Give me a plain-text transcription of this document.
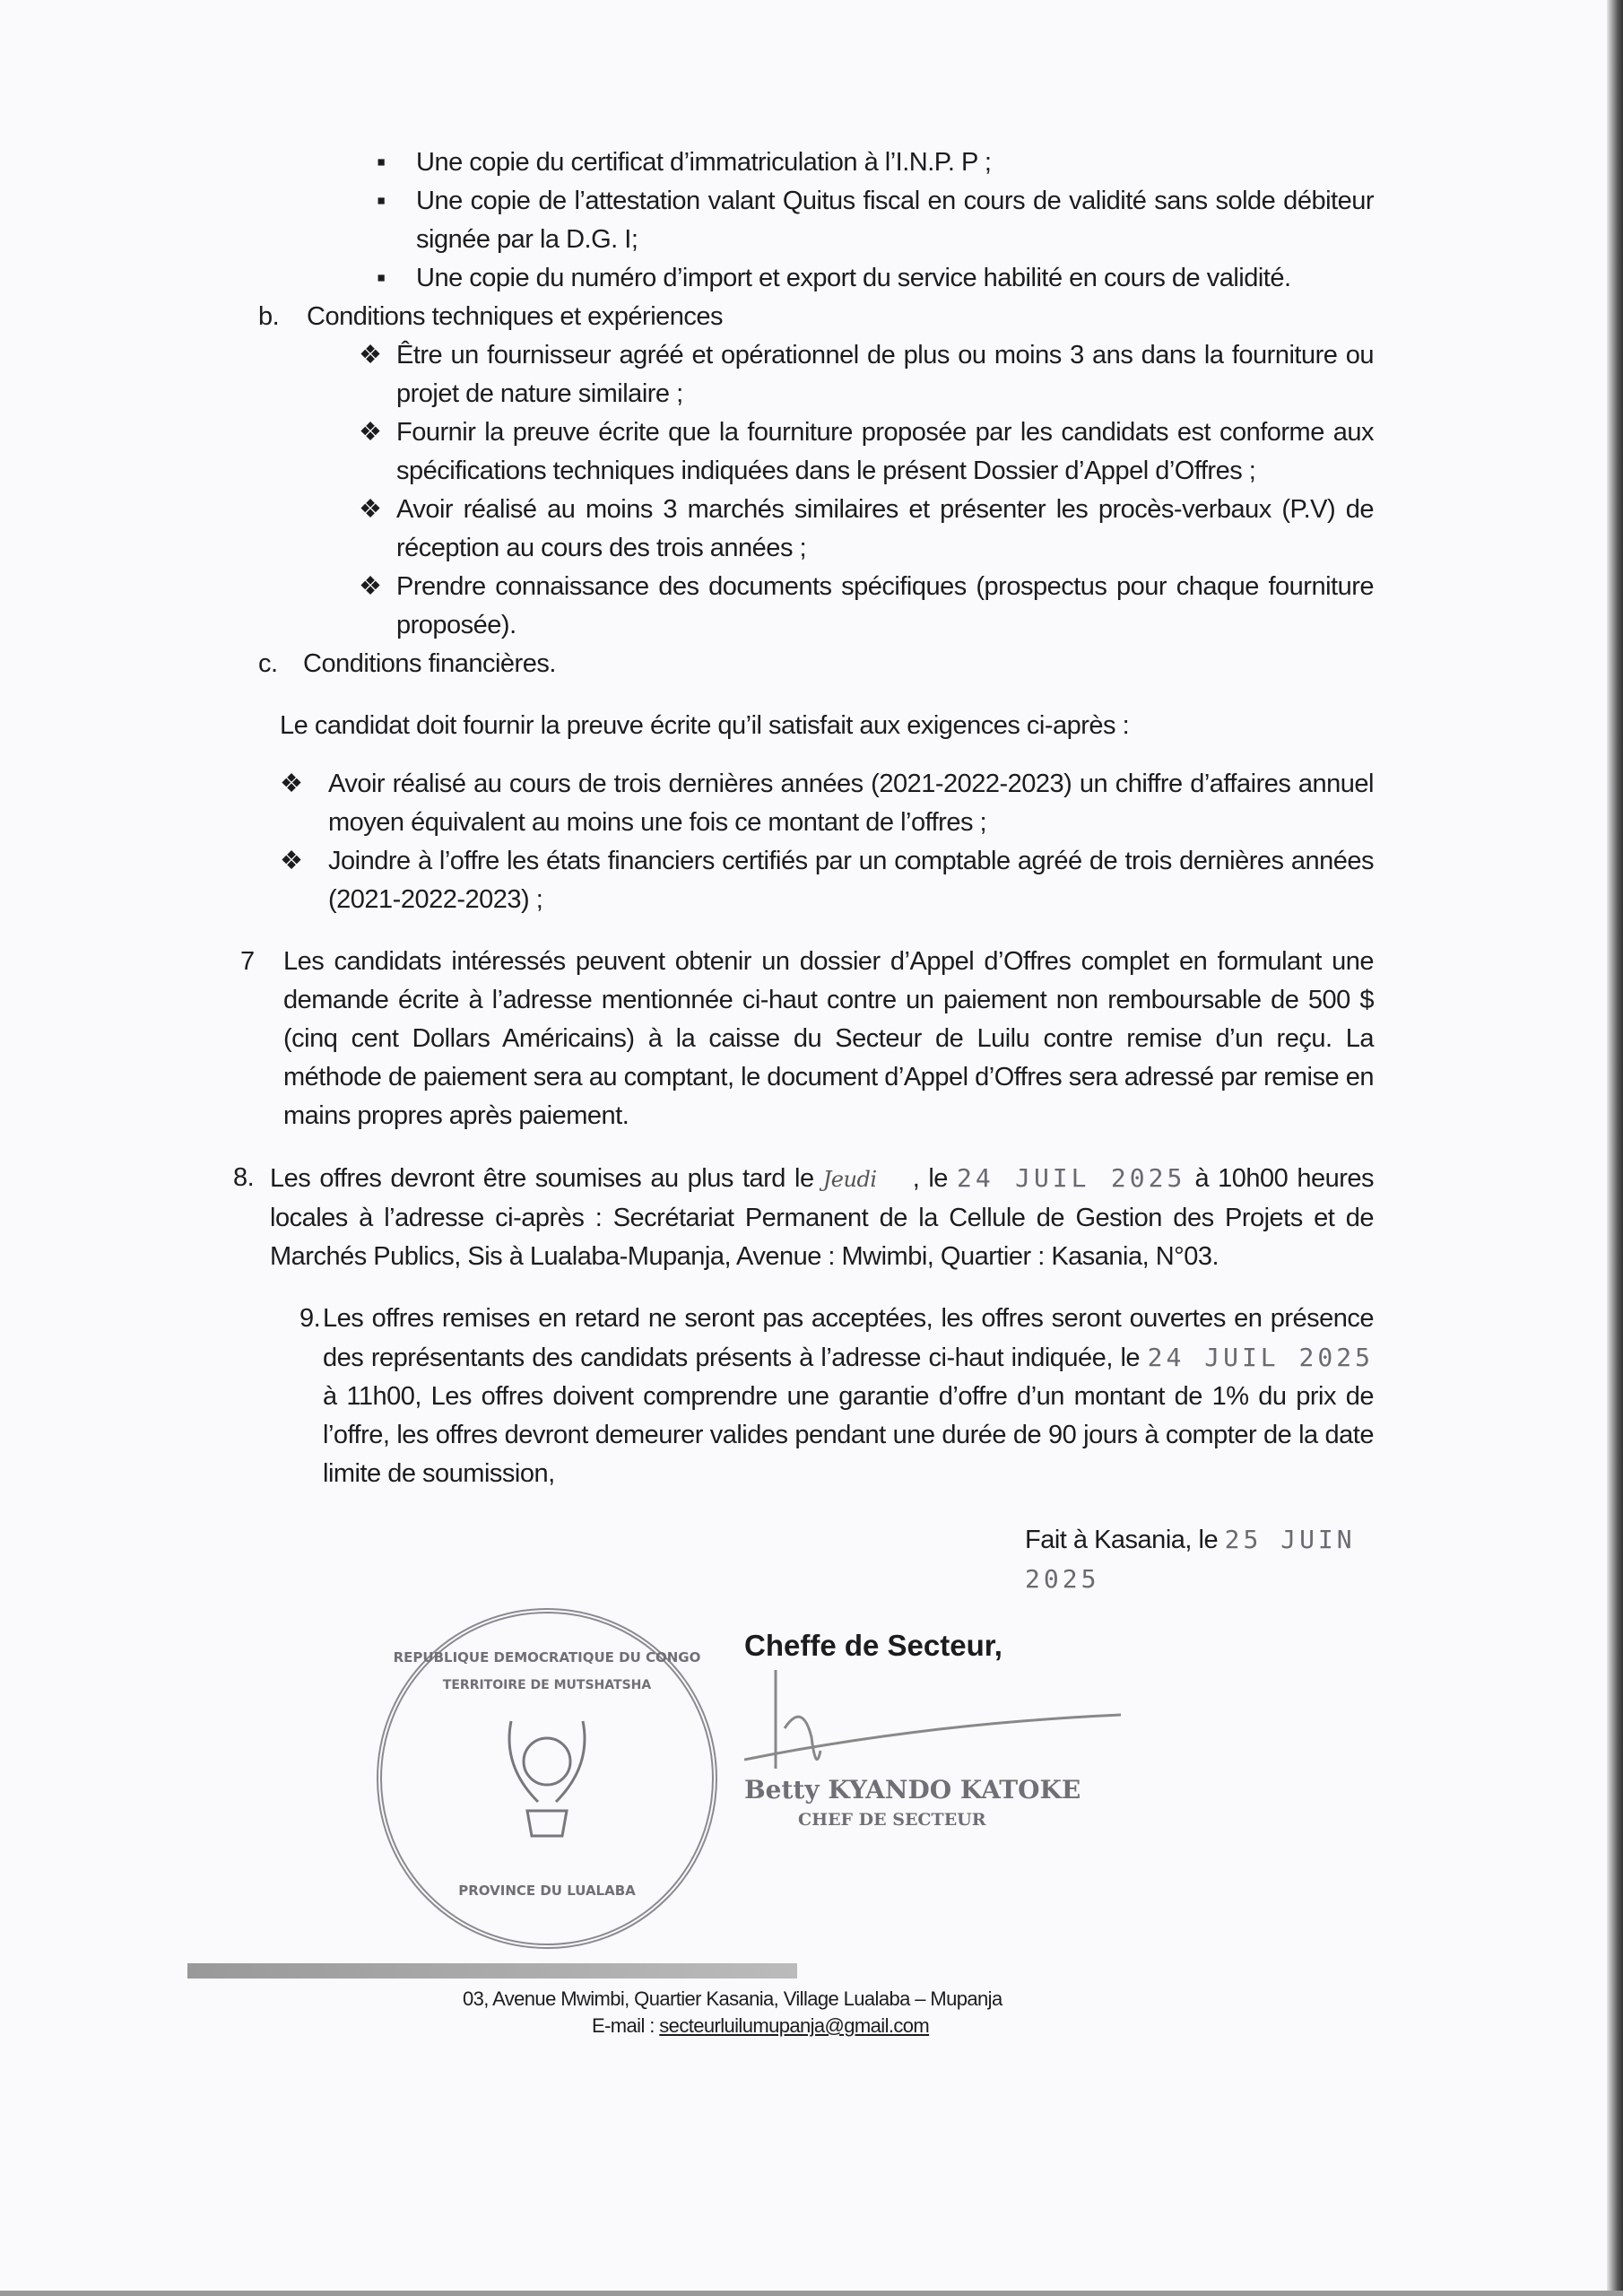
▪ Une copie du certificat d’immatriculation à l’I.N.P. P ;
▪ Une copie de l’attestation valant Quitus fiscal en cours de validité sans solde débiteur signée par la D.G. I;
▪ Une copie du numéro d’import et export du service habilité en cours de validité.
b. Conditions techniques et expériences
❖ Être un fournisseur agréé et opérationnel de plus ou moins 3 ans dans la fourniture ou projet de nature similaire ;
❖ Fournir la preuve écrite que la fourniture proposée par les candidats est conforme aux spécifications techniques indiquées dans le présent Dossier d’Appel d’Offres ;
❖ Avoir réalisé au moins 3 marchés similaires et présenter les procès-verbaux (P.V) de réception au cours des trois années ;
❖ Prendre connaissance des documents spécifiques (prospectus pour chaque fourniture proposée).
c. Conditions financières.
Le candidat doit fournir la preuve écrite qu’il satisfait aux exigences ci-après :
❖ Avoir réalisé au cours de trois dernières années (2021-2022-2023) un chiffre d’affaires annuel moyen équivalent au moins une fois ce montant de l’offres ;
❖ Joindre à l’offre les états financiers certifiés par un comptable agréé de trois dernières années (2021-2022-2023) ;
7 Les candidats intéressés peuvent obtenir un dossier d’Appel d’Offres complet en formulant une demande écrite à l’adresse mentionnée ci-haut contre un paiement non remboursable de 500 $ (cinq cent Dollars Américains) à la caisse du Secteur de Luilu contre remise d’un reçu. La méthode de paiement sera au comptant, le document d’Appel d’Offres sera adressé par remise en mains propres après paiement.
8. Les offres devront être soumises au plus tard le Jeudi , le 24 JUIL 2025 à 10h00 heures locales à l’adresse ci-après : Secrétariat Permanent de la Cellule de Gestion des Projets et de Marchés Publics, Sis à Lualaba-Mupanja, Avenue : Mwimbi, Quartier : Kasania, N°03.
9. Les offres remises en retard ne seront pas acceptées, les offres seront ouvertes en présence des représentants des candidats présents à l’adresse ci-haut indiquée, le 24 JUIL 2025 à 11h00, Les offres doivent comprendre une garantie d’offre d’un montant de 1% du prix de l’offre, les offres devront demeurer valides pendant une durée de 90 jours à compter de la date limite de soumission,
Fait à Kasania, le 25 JUIN 2025
REPUBLIQUE DEMOCRATIQUE DU CONGO
TERRITOIRE DE MUTSHATSHA
PROVINCE DU LUALABA
Cheffe de Secteur,
Betty KYANDO KATOKE
CHEF DE SECTEUR
03, Avenue Mwimbi, Quartier Kasania, Village Lualaba – Mupanja
E-mail : secteurluilumupanja@gmail.com
